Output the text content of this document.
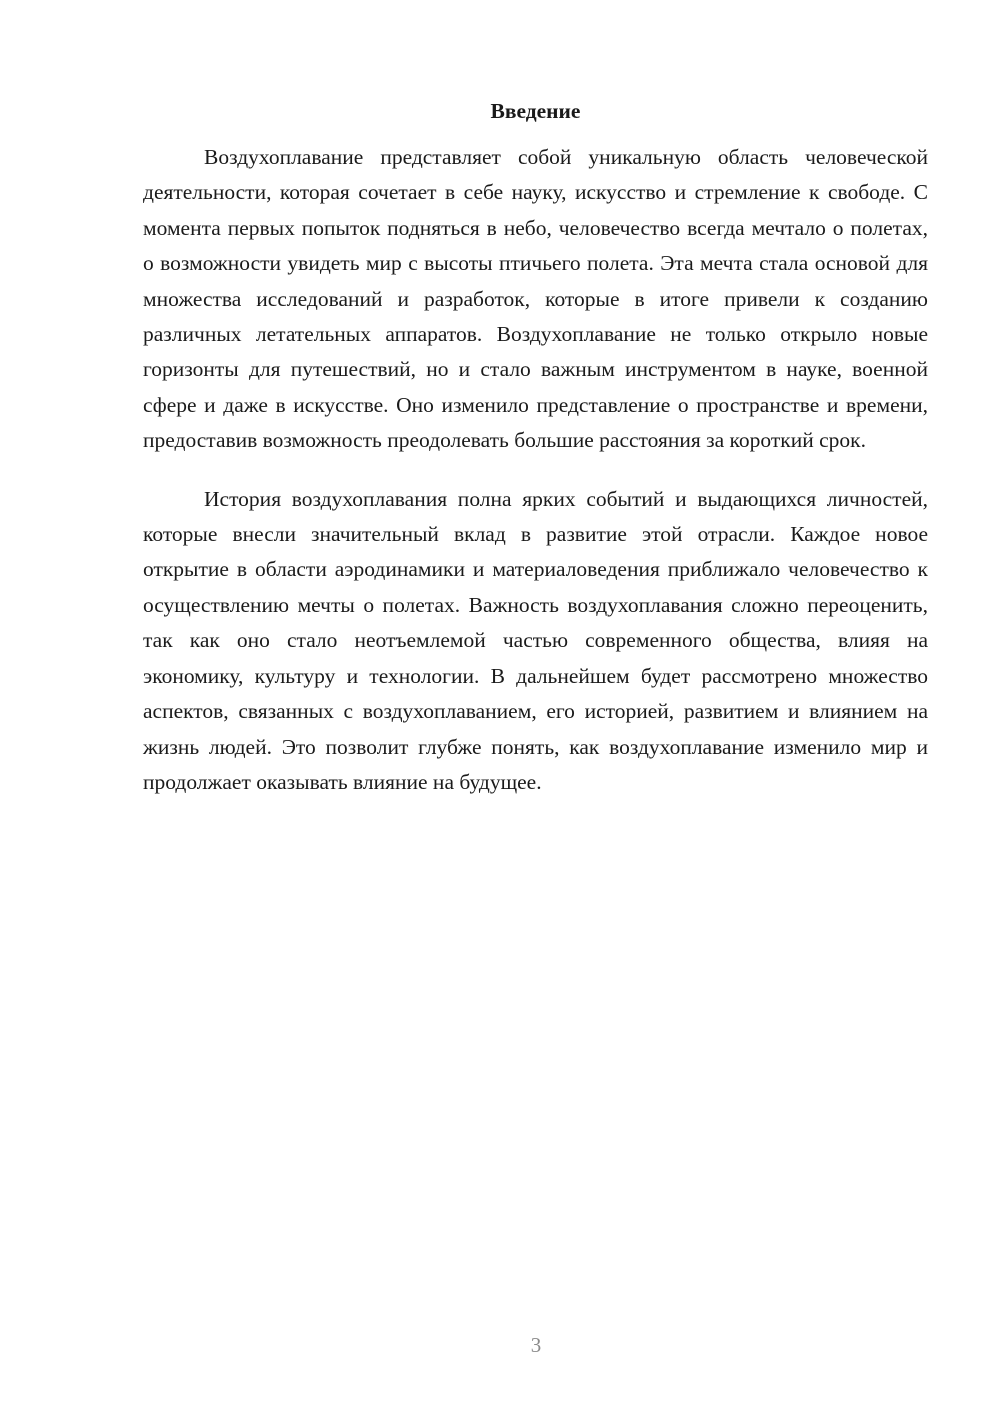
Введение

Воздухоплавание представляет собой уникальную область человеческой деятельности, которая сочетает в себе науку, искусство и стремление к свободе. С момента первых попыток подняться в небо, человечество всегда мечтало о полетах, о возможности увидеть мир с высоты птичьего полета. Эта мечта стала основой для множества исследований и разработок, которые в итоге привели к созданию различных летательных аппаратов. Воздухоплавание не только открыло новые горизонты для путешествий, но и стало важным инструментом в науке, военной сфере и даже в искусстве. Оно изменило представление о пространстве и времени, предоставив возможность преодолевать большие расстояния за короткий срок.

История воздухоплавания полна ярких событий и выдающихся личностей, которые внесли значительный вклад в развитие этой отрасли. Каждое новое открытие в области аэродинамики и материаловедения приближало человечество к осуществлению мечты о полетах. Важность воздухоплавания сложно переоценить, так как оно стало неотъемлемой частью современного общества, влияя на экономику, культуру и технологии. В дальнейшем будет рассмотрено множество аспектов, связанных с воздухоплаванием, его историей, развитием и влиянием на жизнь людей. Это позволит глубже понять, как воздухоплавание изменило мир и продолжает оказывать влияние на будущее.

3
